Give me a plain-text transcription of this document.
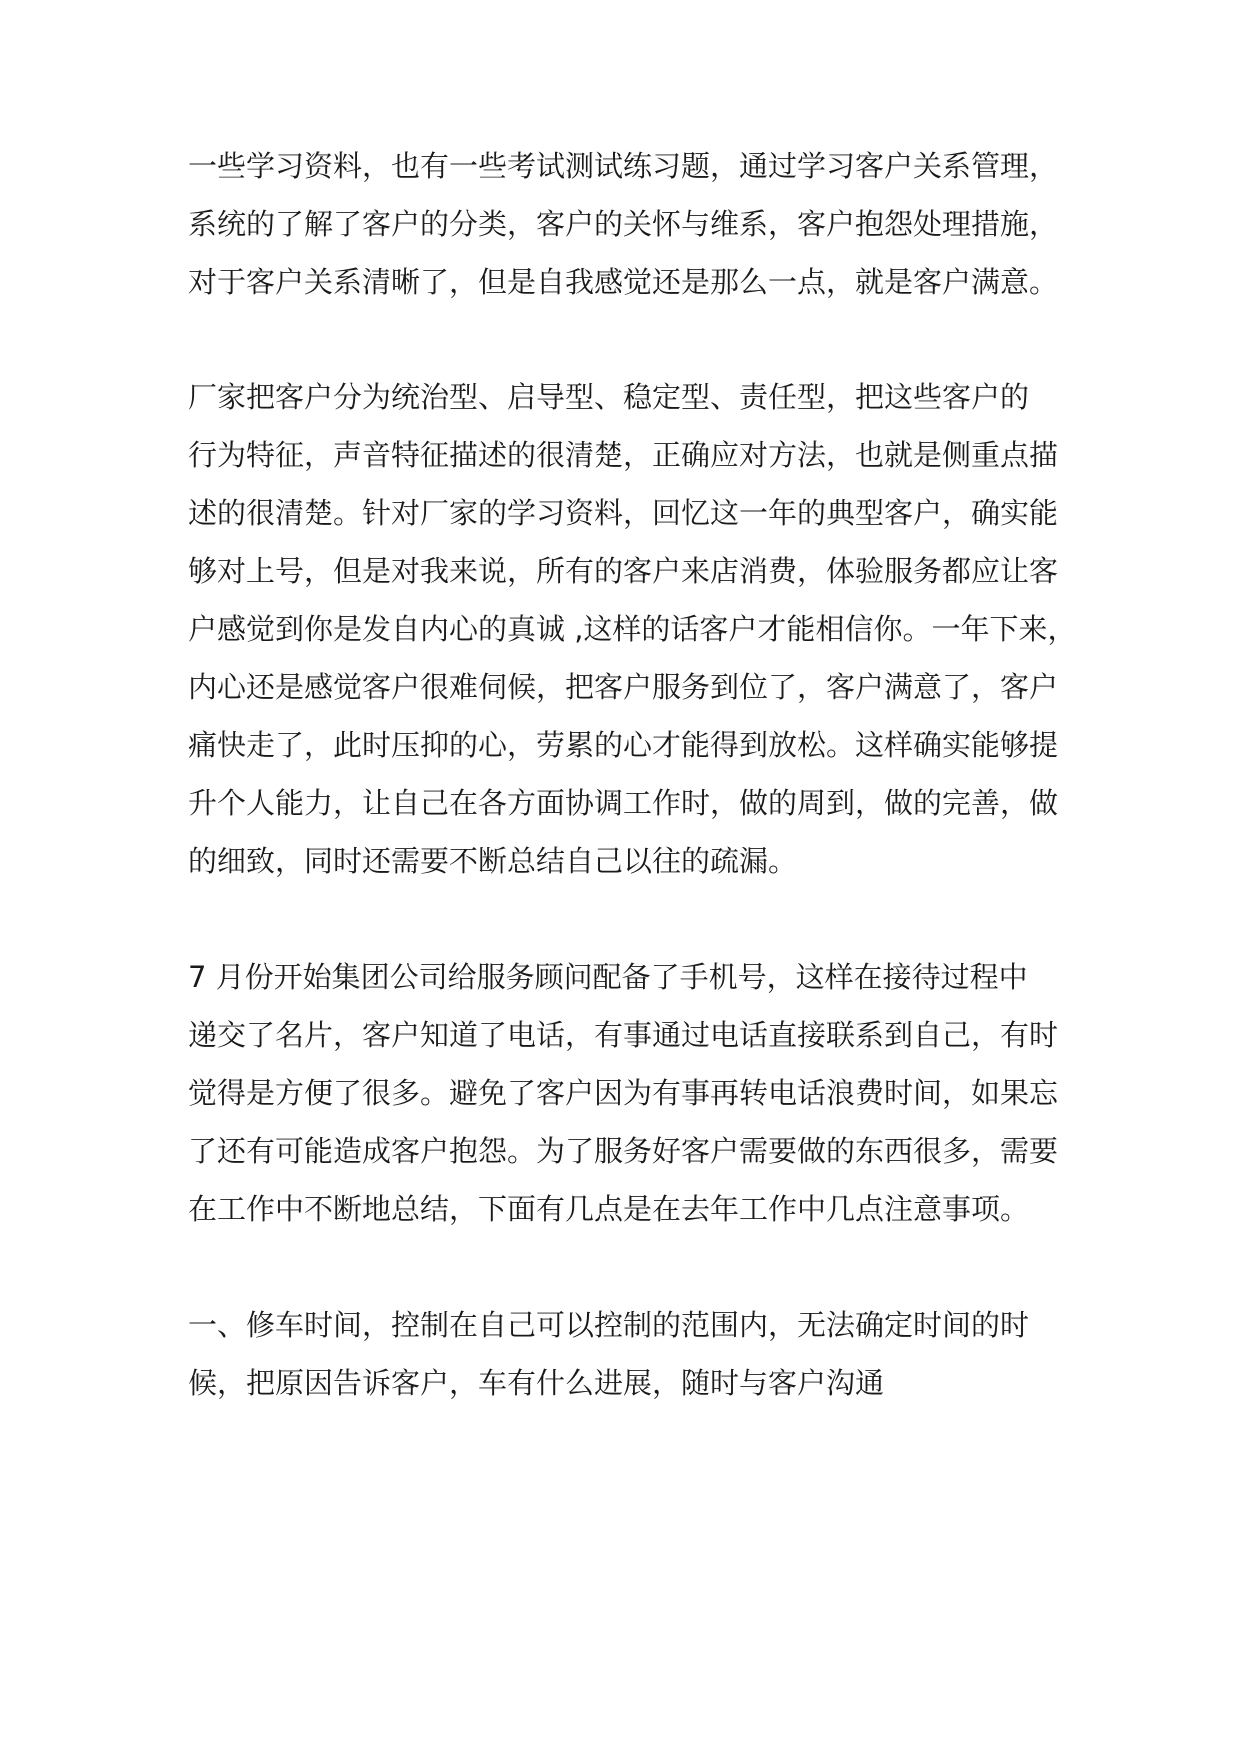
一些学习资料，也有一些考试测试练习题，通过学习客户关系管理，
系统的了解了客户的分类，客户的关怀与维系，客户抱怨处理措施，
对于客户关系清晰了，但是自我感觉还是那么一点，就是客户满意。
厂家把客户分为统治型、启导型、稳定型、责任型，把这些客户的
行为特征，声音特征描述的很清楚，正确应对方法，也就是侧重点描
述的很清楚。针对厂家的学习资料，回忆这一年的典型客户，确实能
够对上号，但是对我来说，所有的客户来店消费，体验服务都应让客
户感觉到你是发自内心的真诚 ,这样的话客户才能相信你。一年下来，
内心还是感觉客户很难伺候，把客户服务到位了，客户满意了，客户
痛快走了，此时压抑的心，劳累的心才能得到放松。这样确实能够提
升个人能力，让自己在各方面协调工作时，做的周到，做的完善，做
的细致，同时还需要不断总结自己以往的疏漏。
7 月份开始集团公司给服务顾问配备了手机号，这样在接待过程中
递交了名片，客户知道了电话，有事通过电话直接联系到自己，有时
觉得是方便了很多。避免了客户因为有事再转电话浪费时间，如果忘
了还有可能造成客户抱怨。为了服务好客户需要做的东西很多，需要
在工作中不断地总结，下面有几点是在去年工作中几点注意事项。
一、修车时间，控制在自己可以控制的范围内，无法确定时间的时
候，把原因告诉客户，车有什么进展，随时与客户沟通
